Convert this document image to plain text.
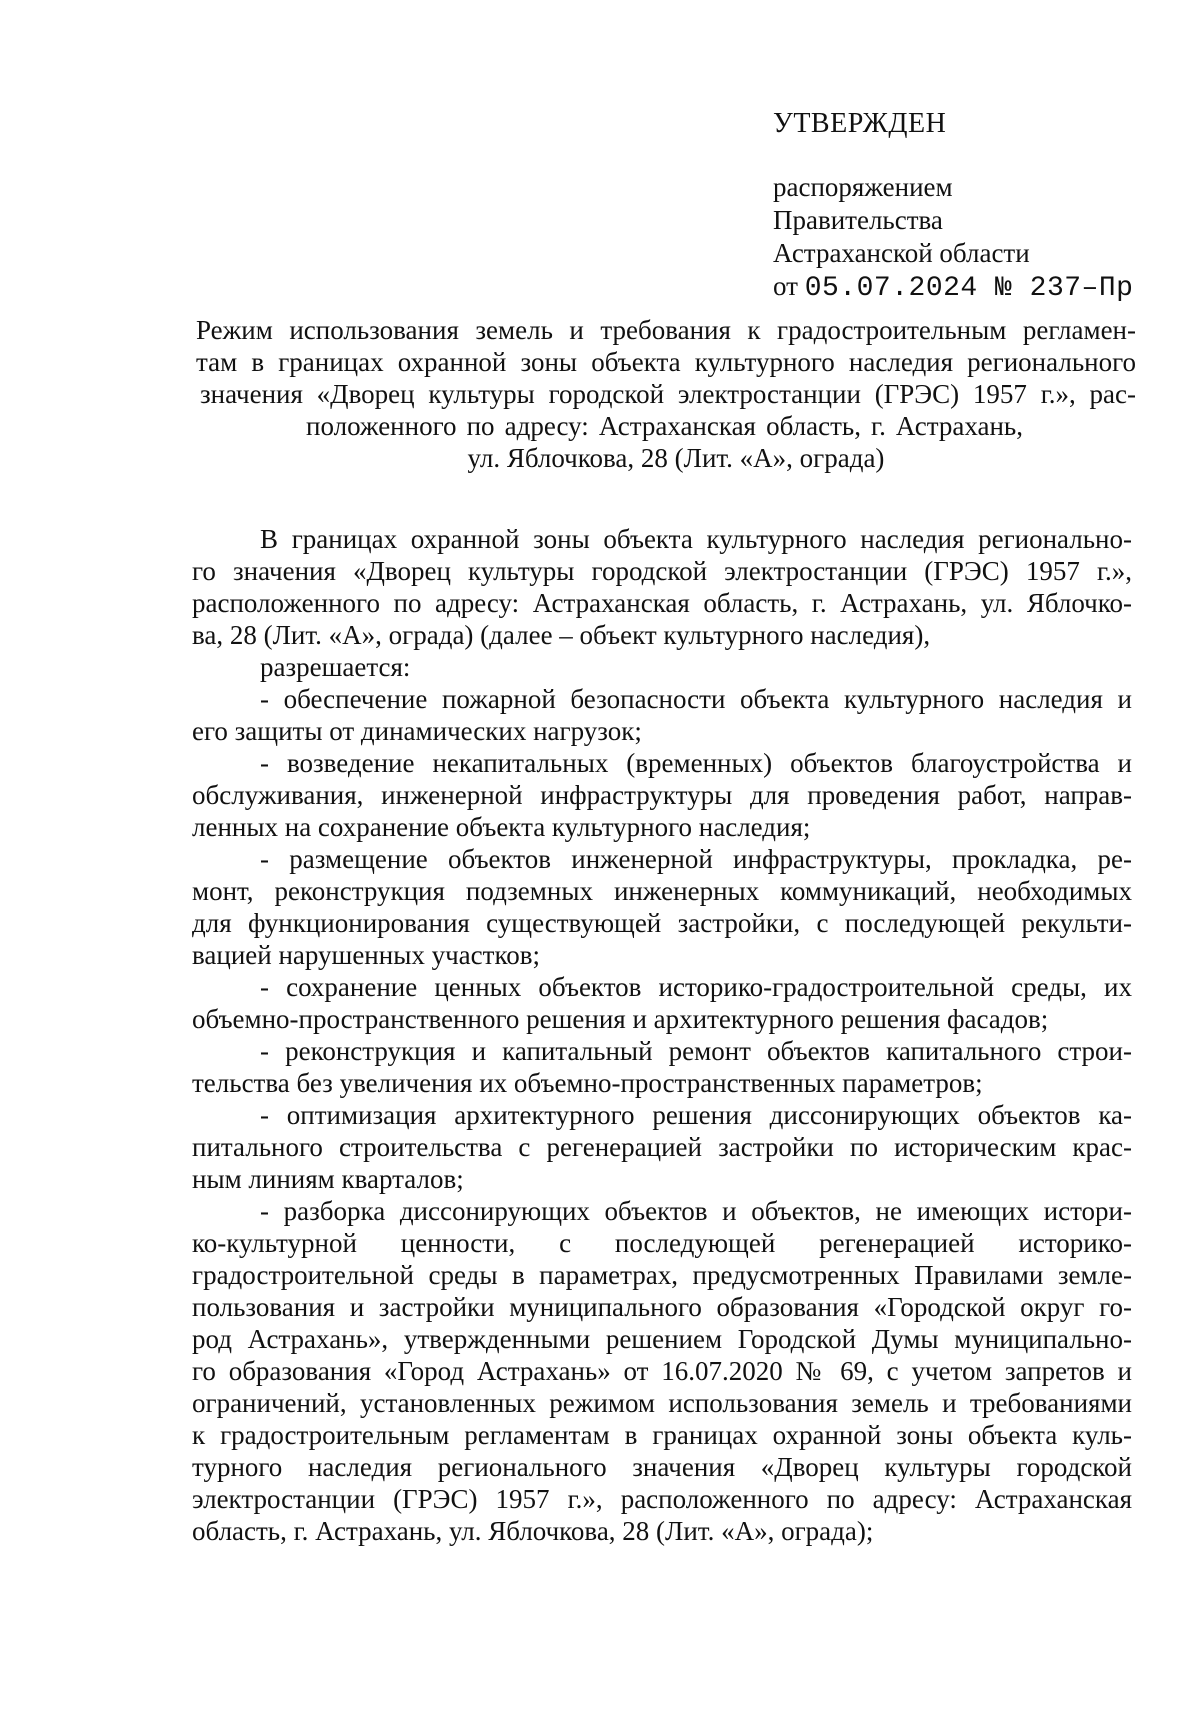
УТВЕРЖДЕН
распоряжением
Правительства
Астраханской области
от 05.07.2024 № 237–Пр
Режим использования земель и требования к градостроительным регламен-
там в границах охранной зоны объекта культурного наследия регионального
значения «Дворец культуры городской электростанции (ГРЭС) 1957 г.», рас-
положенного по адресу: Астраханская область, г. Астрахань,
ул. Яблочкова, 28 (Лит. «А», ограда)
В границах охранной зоны объекта культурного наследия регионально-
го значения «Дворец культуры городской электростанции (ГРЭС) 1957 г.»,
расположенного по адресу: Астраханская область, г. Астрахань, ул. Яблочко-
ва, 28 (Лит. «А», ограда) (далее – объект культурного наследия),
разрешается:
- обеспечение пожарной безопасности объекта культурного наследия и
его защиты от динамических нагрузок;
- возведение некапитальных (временных) объектов благоустройства и
обслуживания, инженерной инфраструктуры для проведения работ, направ-
ленных на сохранение объекта культурного наследия;
- размещение объектов инженерной инфраструктуры, прокладка, ре-
монт, реконструкция подземных инженерных коммуникаций, необходимых
для функционирования существующей застройки, с последующей рекульти-
вацией нарушенных участков;
- сохранение ценных объектов историко-градостроительной среды, их
объемно-пространственного решения и архитектурного решения фасадов;
- реконструкция и капитальный ремонт объектов капитального строи-
тельства без увеличения их объемно-пространственных параметров;
- оптимизация архитектурного решения диссонирующих объектов ка-
питального строительства с регенерацией застройки по историческим крас-
ным линиям кварталов;
- разборка диссонирующих объектов и объектов, не имеющих истори-
ко-культурной ценности, с последующей регенерацией историко-
градостроительной среды в параметрах, предусмотренных Правилами земле-
пользования и застройки муниципального образования «Городской округ го-
род Астрахань», утвержденными решением Городской Думы муниципально-
го образования «Город Астрахань» от 16.07.2020 № 69, с учетом запретов и
ограничений, установленных режимом использования земель и требованиями
к градостроительным регламентам в границах охранной зоны объекта куль-
турного наследия регионального значения «Дворец культуры городской
электростанции (ГРЭС) 1957 г.», расположенного по адресу: Астраханская
область, г. Астрахань, ул. Яблочкова, 28 (Лит. «А», ограда);
